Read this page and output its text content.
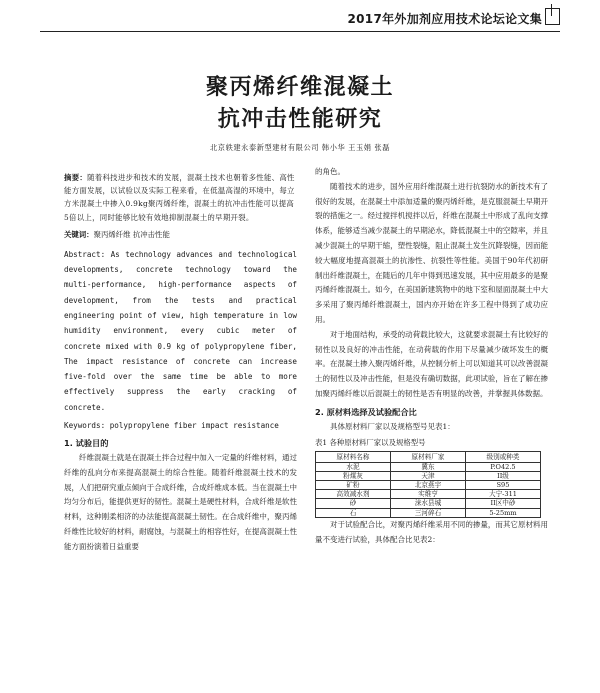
2017年外加剂应用技术论坛论文集
聚丙烯纤维混凝土
抗冲击性能研究
北京轶建永泰新型建材有限公司 韩小华 王玉娟 张磊

摘要：随着科技进步和技术的发展，混凝土技术也朝着多性能、高性能方面发展，以试验以及实际工程来看，在低温高湿的环境中，每立方米混凝土中掺入0.9kg聚丙烯纤维，混凝土的抗冲击性能可以提高5倍以上，同时能够比较有效地抑制混凝土的早期开裂。

关键词：聚丙烯纤维 抗冲击性能

Abstract: As technology advances and technological developments, concrete technology toward the multi-performance, high-performance aspects of development, from the tests and practical engineering point of view, high temperature in low humidity environment, every cubic meter of concrete mixed with 0.9 kg of polypropylene fiber, The impact resistance of concrete can increase five-fold over the same time be able to more effectively suppress the early cracking of concrete.

Keywords: polypropylene fiber impact resistance

1. 试验目的

纤维混凝土就是在混凝土拌合过程中加入一定量的纤维材料，通过纤维的乱向分布来提高混凝土的综合性能。随着纤维混凝土技术的发展，人们把研究重点倾向于合成纤维，合成纤维成本低。当在混凝土中均匀分布后，能提供更好的韧性。混凝土是硬性材料，合成纤维是软性材料，这种刚柔相济的办法能提高混凝土韧性。在合成纤维中，聚丙烯纤维性比较好的材料，耐腐蚀，与混凝土的相容性好，在提高混凝土性能方面扮演着日益重要

的角色。

随着技术的进步，国外应用纤维混凝土进行抗裂防水的新技术有了很好的发展，在混凝土中添加适量的聚丙烯纤维，是克服混凝土早期开裂的措施之一。经过搅拌机搅拌以后，纤维在混凝土中形成了乱向支撑体系，能够适当减少混凝土的早期泌水，降低混凝土中的空隙率，并且减少混凝土的早期干缩，塑性裂缝，阻止混凝土发生沉降裂缝，因而能较大幅度地提高混凝土的抗渗性、抗裂性等性能。美国于90年代初研制出纤维混凝土，在随后的几年中得到迅速发展，其中应用最多的是聚丙烯纤维混凝土。如今，在美国新建筑物中的地下室和屋面混凝土中大多采用了聚丙烯纤维混凝土，国内亦开始在许多工程中得到了成功应用。

对于地面结构，承受的动荷载比较大，这就要求混凝土有比较好的韧性以及良好的冲击性能，在动荷载的作用下尽量减少破坏发生的概率。在混凝土掺入聚丙烯纤维，从控制分析上可以知道其可以改善混凝土的韧性以及冲击性能，但是没有确切数据，此项试验，旨在了解在掺加聚丙烯纤维以后混凝土的韧性是否有明显的改善，并掌握具体数据。

2. 原材料选择及试验配合比

具体原材料厂家以及规格型号见表1：

表1 各种原材料厂家以及规格型号

原材料名称	原材料厂家	级别或种类
水泥	冀东	P.O42.5
粉煤灰	天津	II级
矿粉	北京燕宇	S95
高效减水剂	实维亨	大宁-311
砂	涞水县城	II区中砂
石	三河碎石	5-25mm

对于试验配合比，对聚丙烯纤维采用不同的掺量，而其它原材料用量不变进行试验，具体配合比见表2：
